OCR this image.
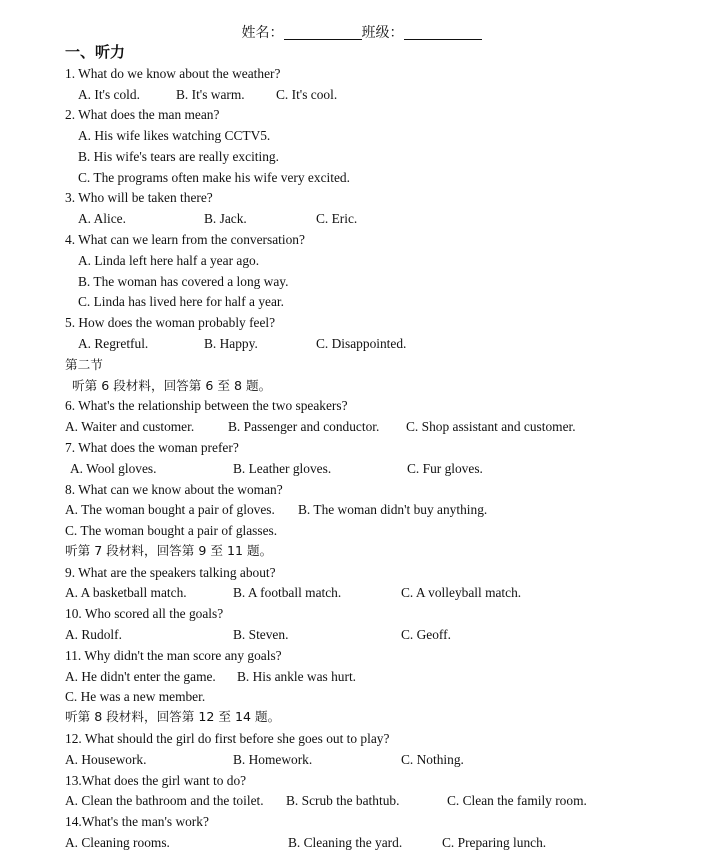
姓名：	班级：
一、听力
1. What do we know about the weather?
A. It's cold.	B. It's warm. C. It's cool.
2. What does the man mean?
A. His wife likes watching CCTV5.
B. His wife's tears are really exciting.
C. The programs often make his wife very excited.
3. Who will be taken there?
A. Alice.	B. Jack.	C. Eric.
4. What can we learn from the conversation?
A. Linda left here half a year ago.
B. The woman has covered a long way.
C. Linda has lived here for half a year.
5. How does the woman probably feel?
A. Regretful.	B. Happy.	C. Disappointed.
第二节
听第 6 段材料，回答第 6 至 8 题。
6. What's the relationship between the two speakers?
A. Waiter and customer.	B. Passenger and conductor. C. Shop assistant and customer.
7. What does the woman prefer?
A. Wool gloves.	B. Leather gloves.	C. Fur gloves.
8. What can we know about the woman?
A. The woman bought a pair of gloves. B. The woman didn't buy anything.
C. The woman bought a pair of glasses.
听第 7 段材料，回答第 9 至 11 题。
9. What are the speakers talking about?
A. A basketball match.	B. A football match.	C. A volleyball match.
10. Who scored all the goals?
A. Rudolf.	B. Steven.	C. Geoff.
11. Why didn't the man score any goals?
A. He didn't enter the game. B. His ankle was hurt.
C. He was a new member.
听第 8 段材料，回答第 12 至 14 题。
12. What should the girl do first before she goes out to play?
A. Housework.	B. Homework.	C. Nothing.
13.What does the girl want to do?
A. Clean the bathroom and the toilet. B. Scrub the bathtub.	C. Clean the family room.
14.What's the man's work?
A. Cleaning rooms.	B. Cleaning the yard.	C. Preparing lunch.
